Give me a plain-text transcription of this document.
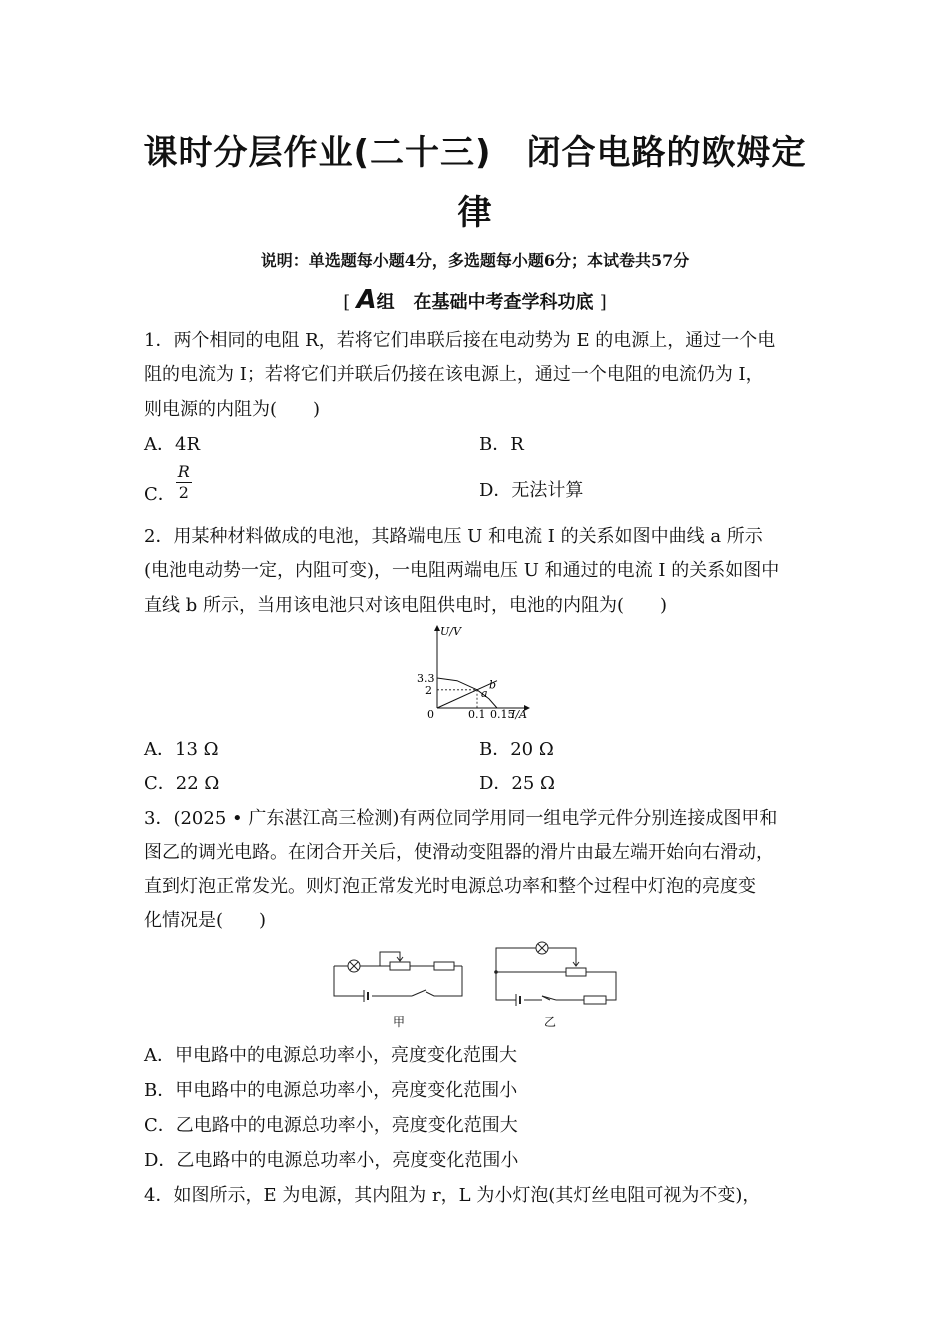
课时分层作业(二十三)　闭合电路的欧姆定
律
说明：单选题每小题4分，多选题每小题6分；本试卷共57分
[ A组 在基础中考查学科功底 ]
1．两个相同的电阻 R，若将它们串联后接在电动势为 E 的电源上，通过一个电
阻的电流为 I；若将它们并联后仍接在该电源上，通过一个电阻的电流仍为 I，
则电源的内阻为(　　)
A．4R	B．R
C． $\frac{R}{2}$	D．无法计算
2．用某种材料做成的电池，其路端电压 U 和电流 I 的关系如图中曲线 a 所示
(电池电动势一定，内阻可变)，一电阻两端电压 U 和通过的电流 I 的关系如图中
直线 b 所示，当用该电池只对该电阻供电时，电池的内阻为(　　)
U/V
I/A
0
3.3
2
0.1 0.15
a
b
A．13 Ω	B．20 Ω
C．22 Ω	D．25 Ω
3．(2025 • 广东湛江高三检测)有两位同学用同一组电学元件分别连接成图甲和
图乙的调光电路。在闭合开关后，使滑动变阻器的滑片由最左端开始向右滑动，
直到灯泡正常发光。则灯泡正常发光时电源总功率和整个过程中灯泡的亮度变
化情况是(　　)
甲	乙
A．甲电路中的电源总功率小，亮度变化范围大
B．甲电路中的电源总功率小，亮度变化范围小
C．乙电路中的电源总功率小，亮度变化范围大
D．乙电路中的电源总功率小，亮度变化范围小
4．如图所示，E 为电源，其内阻为 r，L 为小灯泡(其灯丝电阻可视为不变)，
